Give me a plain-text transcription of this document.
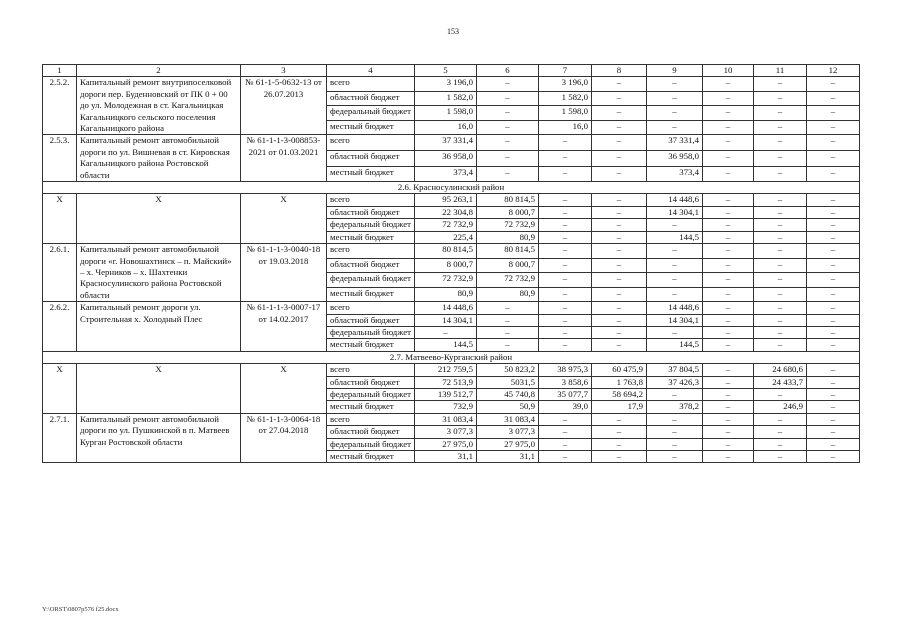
153
1	2	3	4	5	6	7	8	9	10	11	12
2.5.2.	Капитальный ремонт внутрипоселковой дороги пер. Буденновский от ПК 0 + 00 до ул. Молодежная в ст. Кагальницкая Кагальницкого сельского поселения Кагальницкого района	№ 61-1-5-0632-13 от 26.07.2013	всего	3 196,0	–	3 196,0	–	–	–	–	–
			областной бюджет	1 582,0	–	1 582,0	–	–	–	–	–
			федеральный бюджет	1 598,0	–	1 598,0	–	–	–	–	–
			местный бюджет	16,0	–	16,0	–	–	–	–	–
2.5.3.	Капитальный ремонт автомобильной дороги по ул. Вишневая в ст. Кировская Кагальницкого района Ростовской области	№ 61-1-1-3-008853-2021 от 01.03.2021	всего	37 331,4	–	–	–	37 331,4	–	–	–
			областной бюджет	36 958,0	–	–	–	36 958,0	–	–	–
			местный бюджет	373,4	–	–	–	373,4	–	–	–
2.6. Красносулинский район											
Х	Х	Х	всего	95 263,1	80 814,5	–	–	14 448,6	–	–	–
			областной бюджет	22 304,8	8 000,7	–	–	14 304,1	–	–	–
			федеральный бюджет	72 732,9	72 732,9	–	–	–	–	–	–
			местный бюджет	225,4	80,9	–	–	144,5	–	–	–
2.6.1.	Капитальный ремонт автомобильной дороги «г. Новошахтинск – п. Майский» – х. Черников – х. Шахтенки Красносулинского района Ростовской области	№ 61-1-1-3-0040-18 от 19.03.2018	всего	80 814,5	80 814,5	–	–	–	–	–	–
			областной бюджет	8 000,7	8 000,7	–	–	–	–	–	–
			федеральный бюджет	72 732,9	72 732,9	–	–	–	–	–	–
			местный бюджет	80,9	80,9	–	–	–	–	–	–
2.6.2.	Капитальный ремонт дороги ул. Строительная х. Холодный Плес	№ 61-1-1-3-0007-17 от 14.02.2017	всего	14 448,6	–	–	–	14 448,6	–	–	–
			областной бюджет	14 304,1	–	–	–	14 304,1	–	–	–
			федеральный бюджет	–	–	–	–	–	–	–	–
			местный бюджет	144,5	–	–	–	144,5	–	–	–
2.7. Матвеево-Курганский район											
Х	Х	Х	всего	212 759,5	50 823,2	38 975,3	60 475,9	37 804,5	–	24 680,6	–
			областной бюджет	72 513,9	5031,5	3 858,6	1 763,8	37 426,3	–	24 433,7	–
			федеральный бюджет	139 512,7	45 740,8	35 077,7	58 694,2	–	–	–	–
			местный бюджет	732,9	50,9	39,0	17,9	378,2	–	246,9	–
2.7.1.	Капитальный ремонт автомобильной дороги по ул. Пушкинской в п. Матвеев Курган Ростовской области	№ 61-1-1-3-0064-18 от 27.04.2018	всего	31 083,4	31 083,4	–	–	–	–	–	–
			областной бюджет	3 077,3	3 077,3	–	–	–	–	–	–
			федеральный бюджет	27 975,0	27 975,0	–	–	–	–	–	–
			местный бюджет	31,1	31,1	–	–	–	–	–	–
Y:\ORST\0807p576 f25.docx
